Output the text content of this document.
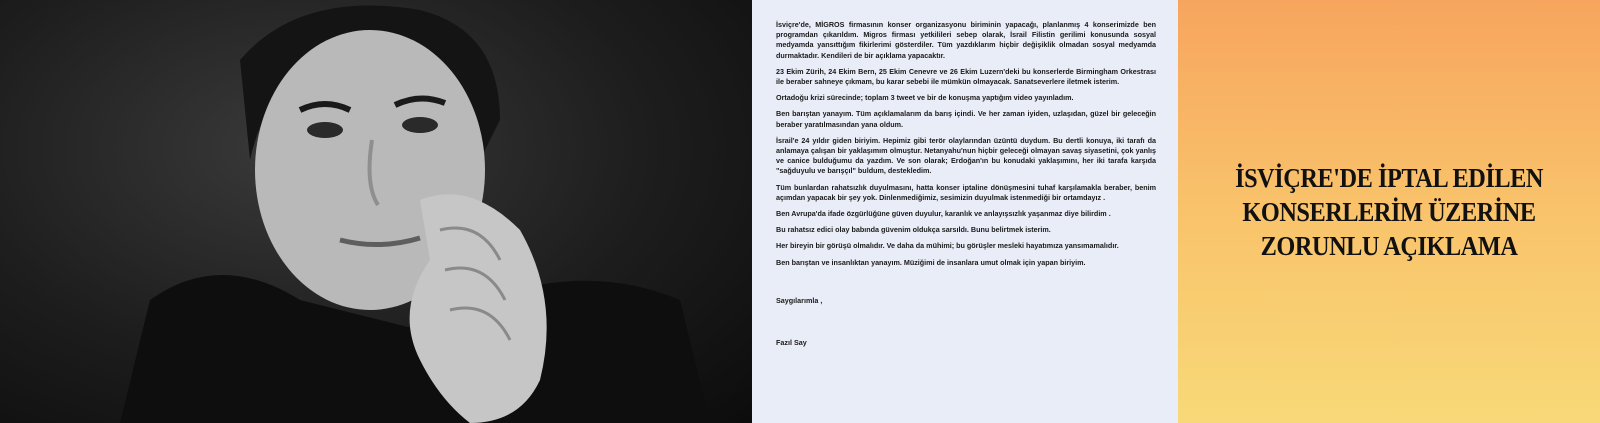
İsviçre'de, MİGROS firmasının konser organizasyonu biriminin yapacağı, planlanmış 4 konserimizde ben programdan çıkarıldım. Migros firması yetkilileri sebep olarak, İsrail Filistin gerilimi konusunda sosyal medyamda yansıttığım fikirlerimi gösterdiler. Tüm yazdıklarım hiçbir değişiklik olmadan sosyal medyamda durmaktadır. Kendileri de bir açıklama yapacaktır.

23 Ekim Zürih, 24 Ekim Bern, 25 Ekim Cenevre ve 26 Ekim Luzern'deki bu konserlerde Birmingham Orkestrası ile beraber sahneye çıkmam, bu karar sebebi ile mümkün olmayacak. Sanatseverlere iletmek isterim.

Ortadoğu krizi sürecinde; toplam 3 tweet ve bir de konuşma yaptığım video yayınladım.

Ben barıştan yanayım. Tüm açıklamalarım da barış içindi. Ve her zaman iyiden, uzlaşıdan, güzel bir geleceğin beraber yaratılmasından yana oldum.

İsrail'e 24 yıldır giden biriyim. Hepimiz gibi terör olaylarından üzüntü duydum. Bu dertli konuya, iki tarafı da anlamaya çalışan bir yaklaşımım olmuştur. Netanyahu'nun hiçbir geleceği olmayan savaş siyasetini, çok yanlış ve canice bulduğumu da yazdım. Ve son olarak; Erdoğan'ın bu konudaki yaklaşımını, her iki tarafa karşıda "sağduyulu ve barışçıl" buldum, destekledim.

Tüm bunlardan rahatsızlık duyulmasını, hatta konser iptaline dönüşmesini tuhaf karşılamakla beraber, benim açımdan yapacak bir şey yok. Dinlenmediğimiz, sesimizin duyulmak istenmediği bir ortamdayız .

Ben Avrupa'da ifade özgürlüğüne güven duyulur, karanlık ve anlayışsızlık yaşanmaz diye bilirdim .

Bu rahatsız edici olay babında güvenim oldukça sarsıldı. Bunu belirtmek isterim.

Her bireyin bir görüşü olmalıdır. Ve daha da mühimi; bu görüşler mesleki hayatımıza yansımamalıdır.

Ben barıştan ve insanlıktan yanayım. Müziğimi de insanlara umut olmak için yapan biriyim.

Saygılarımla ,

Fazıl Say

İSVİÇRE'DE İPTAL EDİLEN
KONSERLERİM ÜZERİNE
ZORUNLU AÇIKLAMA
